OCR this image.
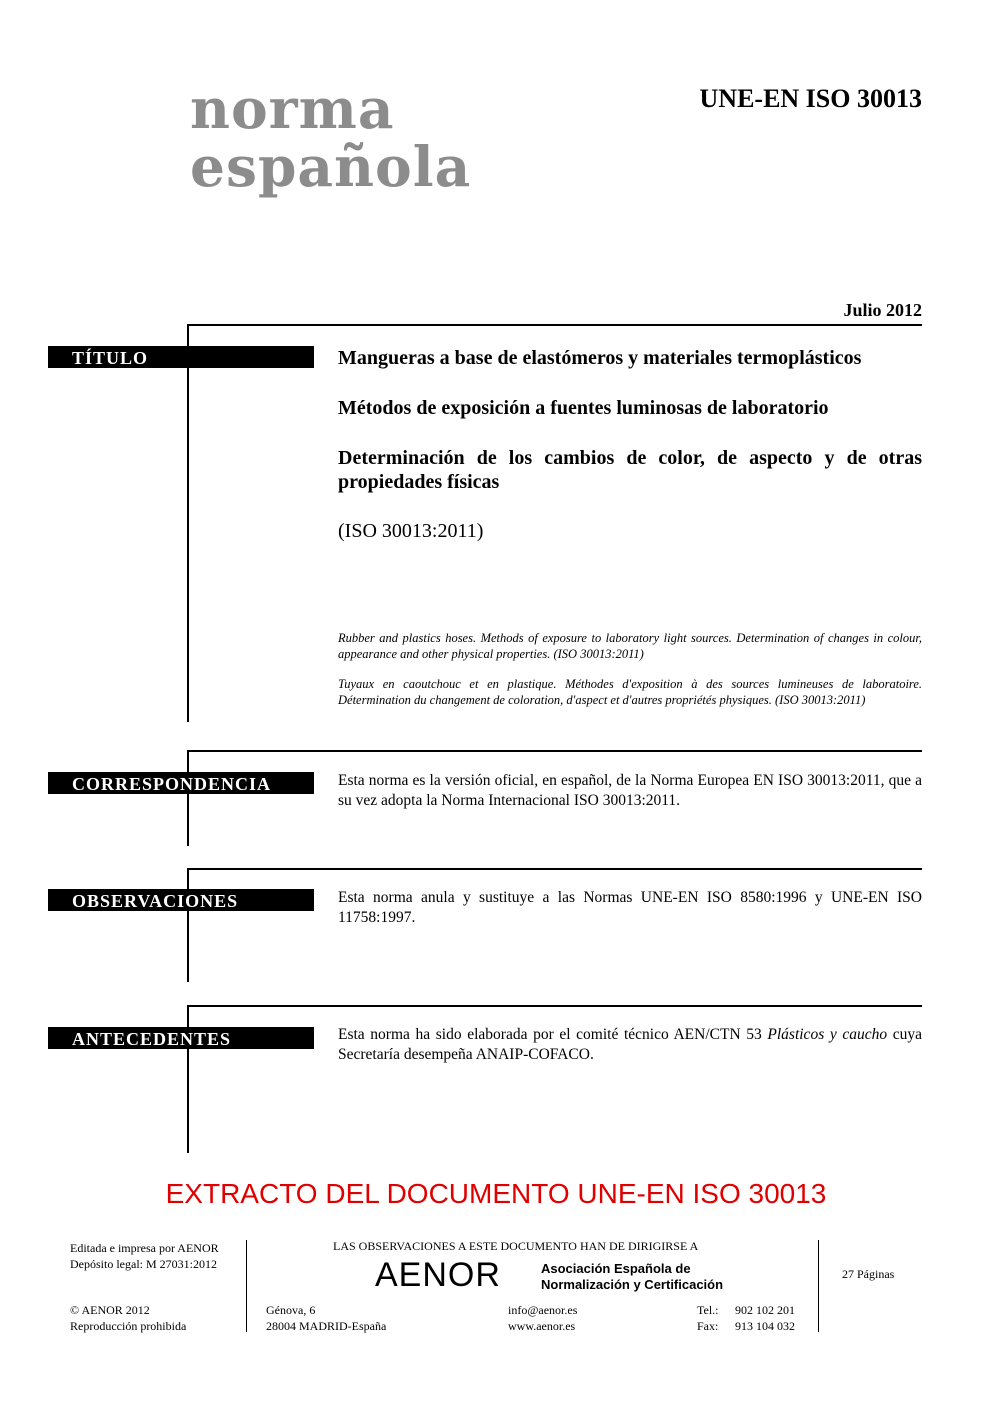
norma
española
UNE-EN ISO 30013
Julio 2012
TÍTULO	Mangueras a base de elastómeros y materiales termoplásticos
Métodos de exposición a fuentes luminosas de laboratorio
Determinación de los cambios de color, de aspecto y de otras propiedades físicas
(ISO 30013:2011)
Rubber and plastics hoses. Methods of exposure to laboratory light sources. Determination of changes in colour, appearance and other physical properties. (ISO 30013:2011)
Tuyaux en caoutchouc et en plastique. Méthodes d'exposition à des sources lumineuses de laboratoire. Détermination du changement de coloration, d'aspect et d'autres propriétés physiques. (ISO 30013:2011)
CORRESPONDENCIA	Esta norma es la versión oficial, en español, de la Norma Europea EN ISO 30013:2011, que a su vez adopta la Norma Internacional ISO 30013:2011.
OBSERVACIONES	Esta norma anula y sustituye a las Normas UNE-EN ISO 8580:1996 y UNE-EN ISO 11758:1997.
ANTECEDENTES	Esta norma ha sido elaborada por el comité técnico AEN/CTN 53 Plásticos y caucho cuya Secretaría desempeña ANAIP-COFACO.
EXTRACTO DEL DOCUMENTO UNE-EN ISO 30013
Editada e impresa por AENOR
Depósito legal: M 27031:2012
© AENOR 2012
Reproducción prohibida
LAS OBSERVACIONES A ESTE DOCUMENTO HAN DE DIRIGIRSE A
AENOR	Asociación Española de
Normalización y Certificación
Génova, 6
28004 MADRID-España
info@aenor.es
www.aenor.es
Tel.:
Fax:
902 102 201
913 104 032
27 Páginas
